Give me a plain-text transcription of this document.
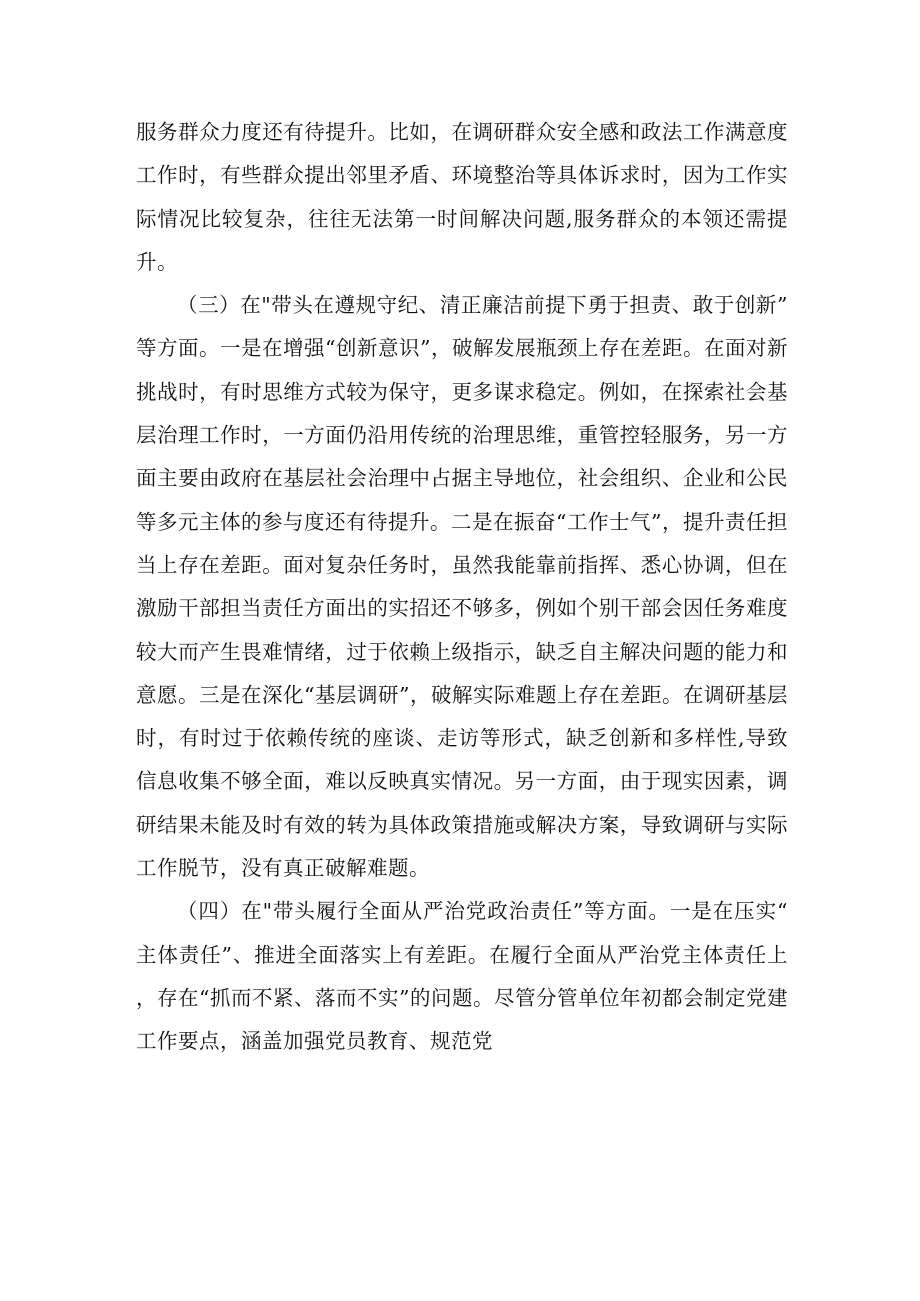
服务群众力度还有待提升。比如，在调研群众安全感和政法工作满意度工作时，有些群众提出邻里矛盾、环境整治等具体诉求时，因为工作实际情况比较复杂，往往无法第一时间解决问题,服务群众的本领还需提升。

（三）在"带头在遵规守纪、清正廉洁前提下勇于担责、敢于创新”等方面。一是在增强“创新意识”，破解发展瓶颈上存在差距。在面对新挑战时，有时思维方式较为保守，更多谋求稳定。例如，在探索社会基层治理工作时，一方面仍沿用传统的治理思维，重管控轻服务，另一方面主要由政府在基层社会治理中占据主导地位，社会组织、企业和公民等多元主体的参与度还有待提升。二是在振奋“工作士气”，提升责任担当上存在差距。面对复杂任务时，虽然我能靠前指挥、悉心协调，但在激励干部担当责任方面出的实招还不够多，例如个别干部会因任务难度较大而产生畏难情绪，过于依赖上级指示，缺乏自主解决问题的能力和意愿。三是在深化“基层调研”，破解实际难题上存在差距。在调研基层时，有时过于依赖传统的座谈、走访等形式，缺乏创新和多样性,导致信息收集不够全面，难以反映真实情况。另一方面，由于现实因素，调研结果未能及时有效的转为具体政策措施或解决方案，导致调研与实际工作脱节，没有真正破解难题。

（四）在"带头履行全面从严治党政治责任”等方面。一是在压实“主体责任”、推进全面落实上有差距。在履行全面从严治党主体责任上，存在“抓而不紧、落而不实”的问题。尽管分管单位年初都会制定党建工作要点，涵盖加强党员教育、规范党
